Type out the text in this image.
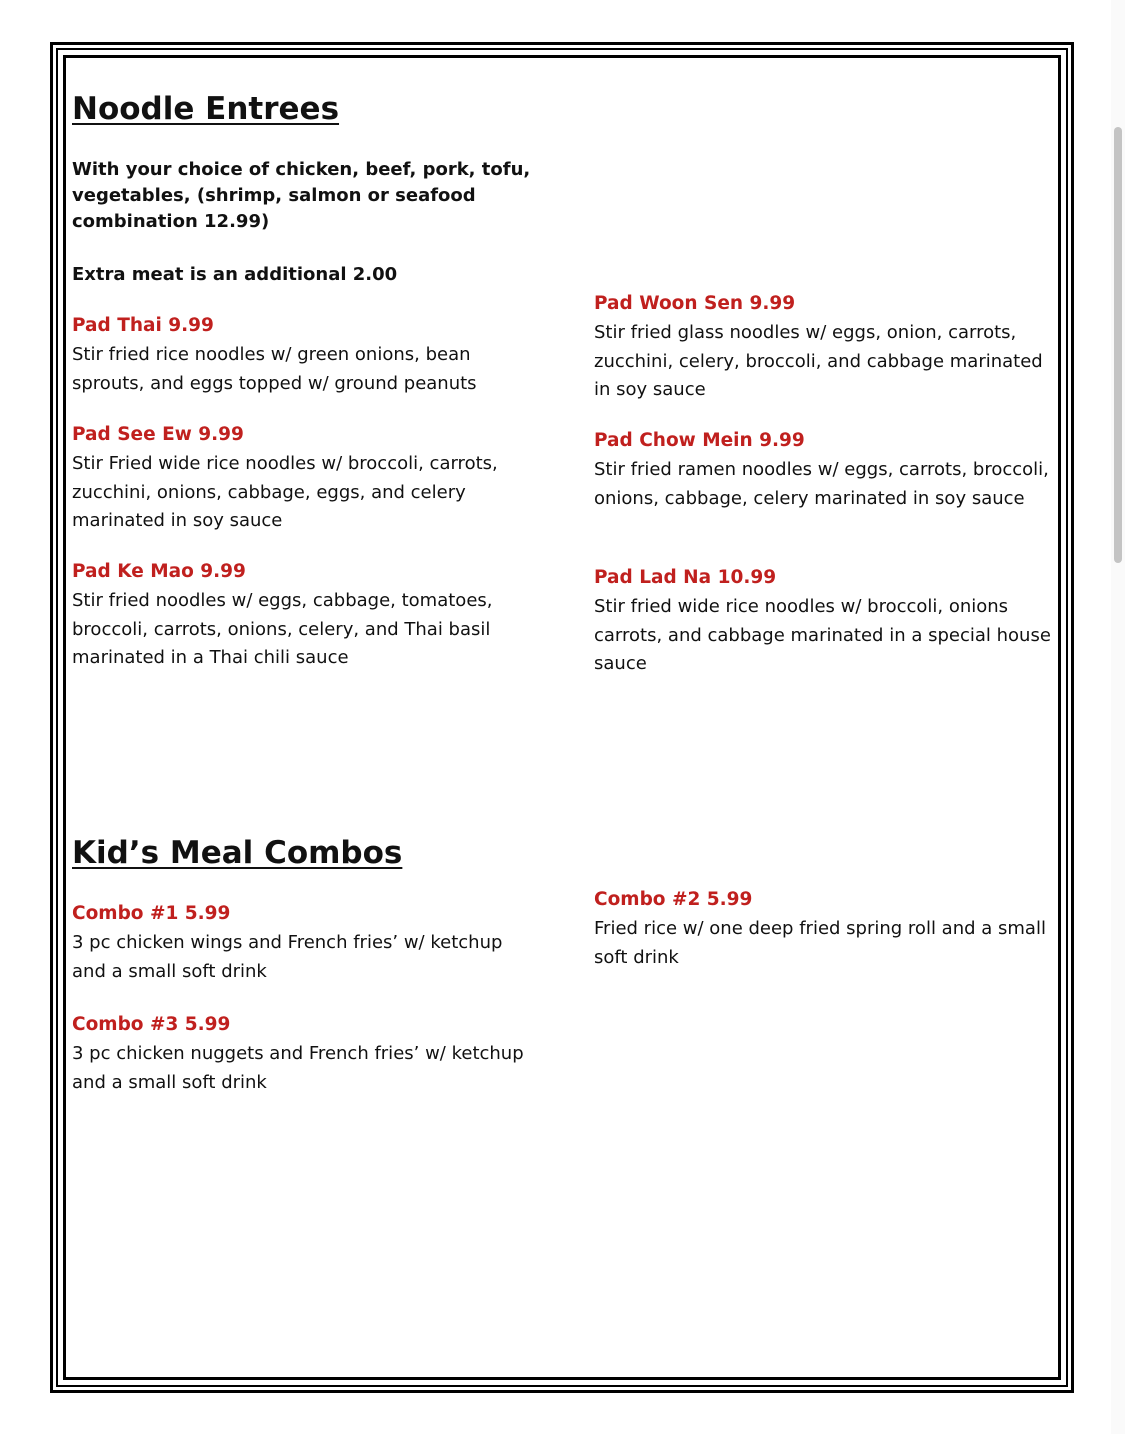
Noodle Entrees
With your choice of chicken, beef, pork, tofu, vegetables, (shrimp, salmon or seafood combination 12.99)
Extra meat is an additional 2.00
Pad Thai 9.99
Stir fried rice noodles w/ green onions, bean sprouts, and eggs topped w/ ground peanuts
Pad See Ew 9.99
Stir Fried wide rice noodles w/ broccoli, carrots, zucchini, onions, cabbage, eggs, and celery marinated in soy sauce
Pad Ke Mao 9.99
Stir fried noodles w/ eggs, cabbage, tomatoes, broccoli, carrots, onions, celery, and Thai basil marinated in a Thai chili sauce
Pad Woon Sen 9.99
Stir fried glass noodles w/ eggs, onion, carrots, zucchini, celery, broccoli, and cabbage marinated in soy sauce
Pad Chow Mein 9.99
Stir fried ramen noodles w/ eggs, carrots, broccoli, onions, cabbage, celery marinated in soy sauce
Pad Lad Na 10.99
Stir fried wide rice noodles w/ broccoli, onions carrots, and cabbage marinated in a special house sauce
Kid’s Meal Combos
Combo #1 5.99
3 pc chicken wings and French fries’ w/ ketchup and a small soft drink
Combo #3 5.99
3 pc chicken nuggets and French fries’ w/ ketchup and a small soft drink
Combo #2 5.99
Fried rice w/ one deep fried spring roll and a small soft drink
